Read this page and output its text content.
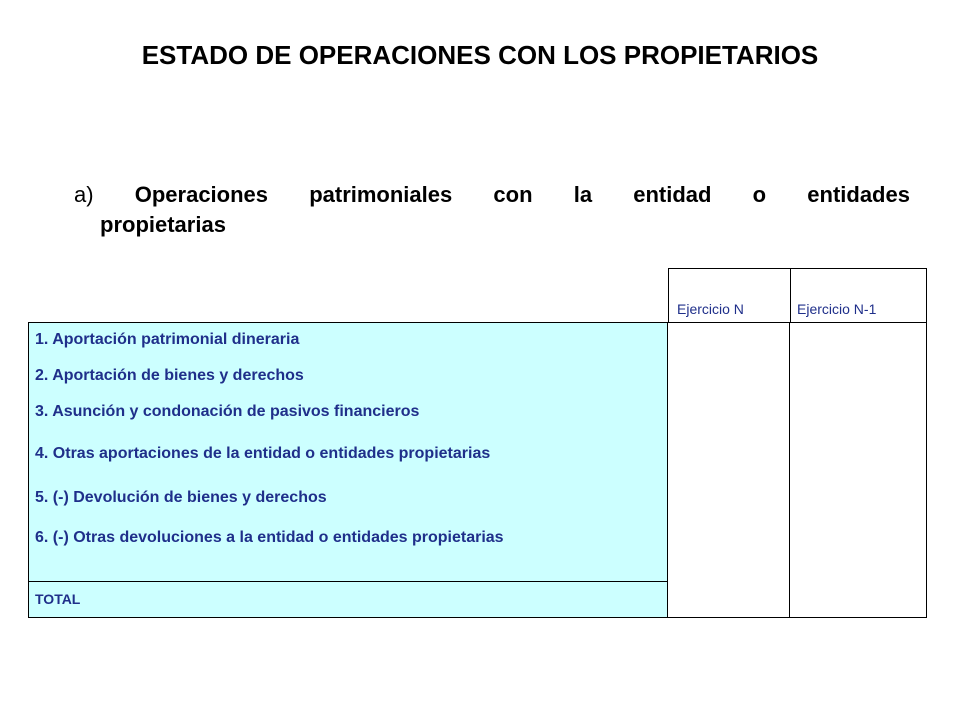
ESTADO DE OPERACIONES CON LOS PROPIETARIOS
a) Operaciones patrimoniales con la entidad o entidades
propietarias
Ejercicio N	Ejercicio N-1
1. Aportación patrimonial dineraria
2. Aportación de bienes y derechos
3. Asunción y condonación de pasivos financieros
4. Otras aportaciones de la entidad o entidades propietarias
5. (-) Devolución de bienes y derechos
6. (-) Otras devoluciones a la entidad o entidades propietarias
TOTAL
